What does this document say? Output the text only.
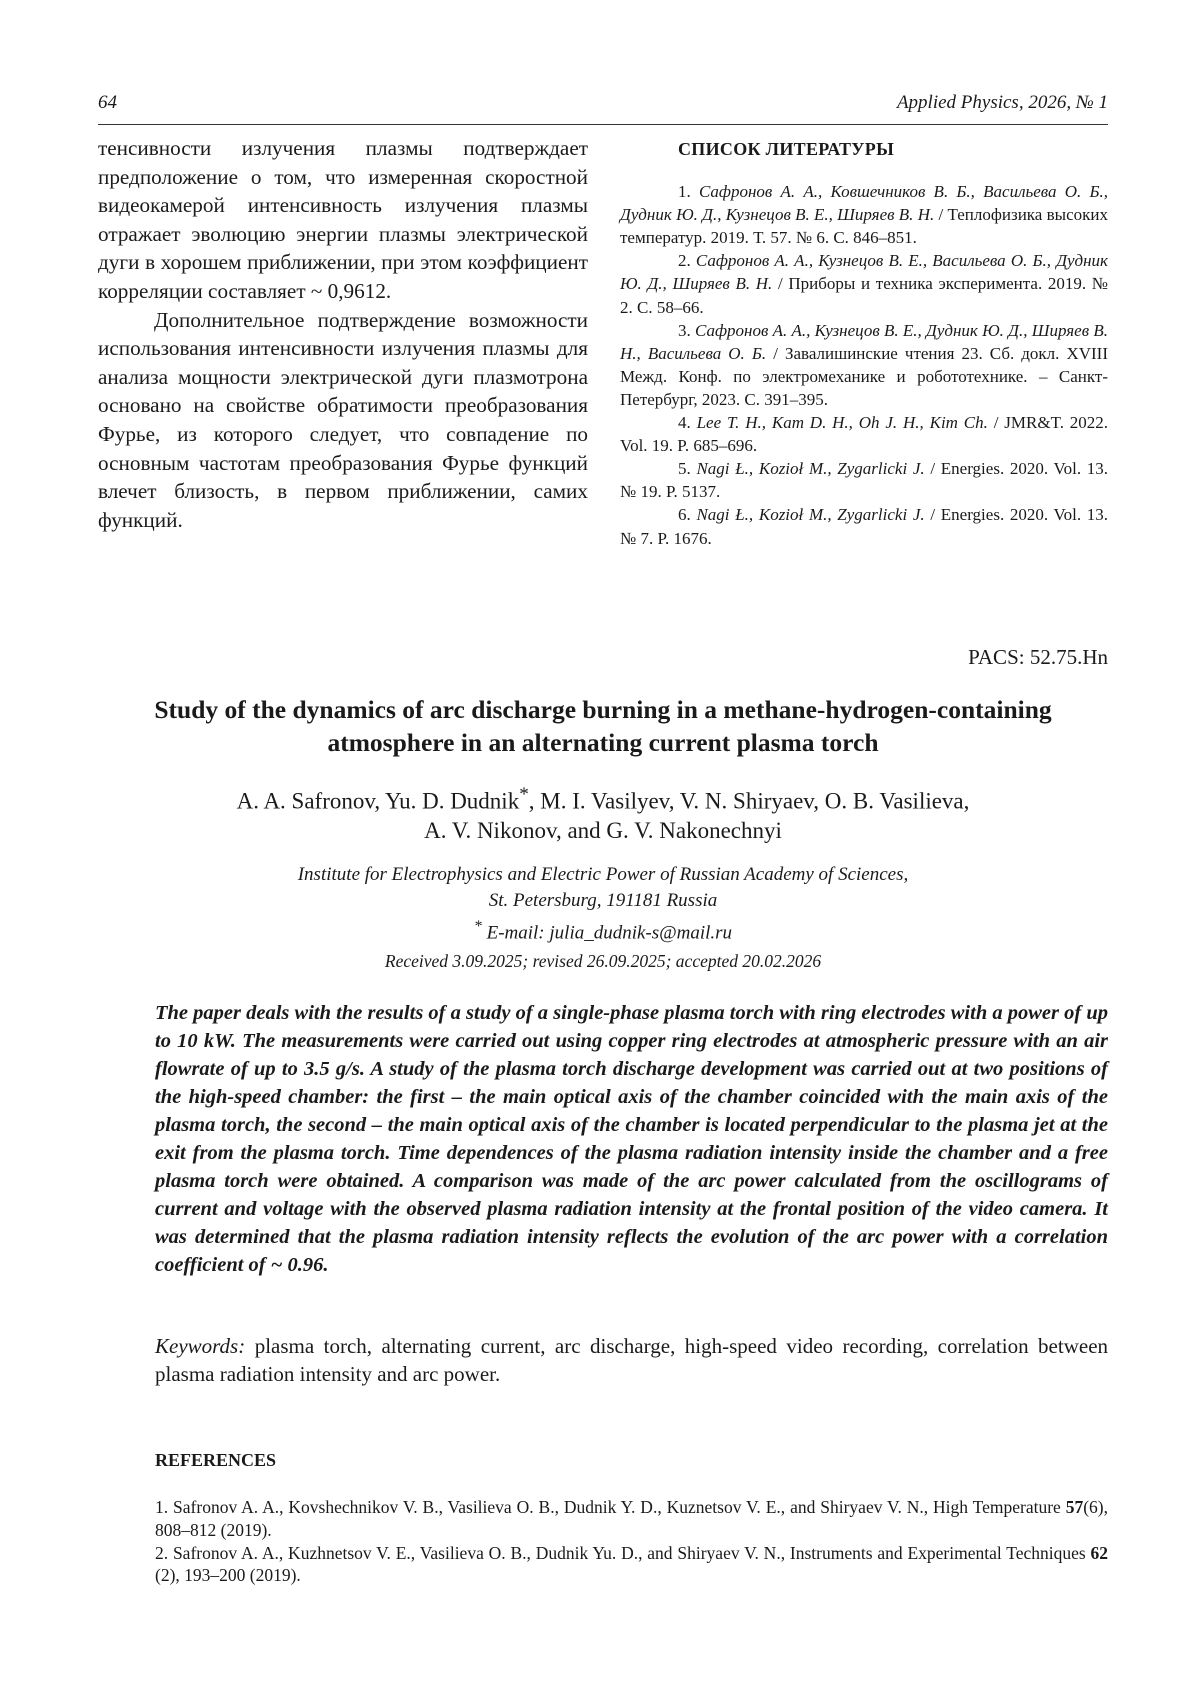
64	Applied Physics, 2026, № 1

тенсивности излучения плазмы подтверждает предположение о том, что измеренная скоростной видеокамерой интенсивность излучения плазмы отражает эволюцию энергии плазмы электрической дуги в хорошем приближении, при этом коэффициент корреляции составляет ~ 0,9612.

Дополнительное подтверждение возможности использования интенсивности излучения плазмы для анализа мощности электрической дуги плазмотрона основано на свойстве обратимости преобразования Фурье, из которого следует, что совпадение по основным частотам преобразования Фурье функций влечет близость, в первом приближении, самих функций.

СПИСОК ЛИТЕРАТУРЫ
1. Сафронов А. А., Ковшечников В. Б., Васильева О. Б., Дудник Ю. Д., Кузнецов В. Е., Ширяев В. Н. / Теплофизика высоких температур. 2019. Т. 57. № 6. С. 846–851.
2. Сафронов А. А., Кузнецов В. Е., Васильева О. Б., Дудник Ю. Д., Ширяев В. Н. / Приборы и техника эксперимента. 2019. № 2. С. 58–66.
3. Сафронов А. А., Кузнецов В. Е., Дудник Ю. Д., Ширяев В. Н., Васильева О. Б. / Завалишинские чтения 23. Сб. докл. XVIII Межд. Конф. по электромеханике и робототехнике. – Санкт-Петербург, 2023. С. 391–395.
4. Lee T. H., Kam D. H., Oh J. H., Kim Ch. / JMR&T. 2022. Vol. 19. P. 685–696.
5. Nagi Ł., Kozioł M., Zygarlicki J. / Energies. 2020. Vol. 13. № 19. P. 5137.
6. Nagi Ł., Kozioł M., Zygarlicki J. / Energies. 2020. Vol. 13. № 7. P. 1676.
PACS: 52.75.Hn
Study of the dynamics of arc discharge burning in a methane-hydrogen-containing
atmosphere in an alternating current plasma torch
A. A. Safronov, Yu. D. Dudnik*, M. I. Vasilyev, V. N. Shiryaev, O. B. Vasilieva,
A. V. Nikonov, and G. V. Nakonechnyi
Institute for Electrophysics and Electric Power of Russian Academy of Sciences,
St. Petersburg, 191181 Russia
* E-mail: julia_dudnik-s@mail.ru
Received 3.09.2025; revised 26.09.2025; accepted 20.02.2026

The paper deals with the results of a study of a single-phase plasma torch with ring electrodes with a power of up to 10 kW. The measurements were carried out using copper ring electrodes at atmospheric pressure with an air flowrate of up to 3.5 g/s. A study of the plasma torch discharge development was carried out at two positions of the high-speed chamber: the first – the main optical axis of the chamber coincided with the main axis of the plasma torch, the second – the main optical axis of the chamber is located perpendicular to the plasma jet at the exit from the plasma torch. Time dependences of the plasma radiation intensity inside the chamber and a free plasma torch were obtained. A comparison was made of the arc power calculated from the oscillograms of current and voltage with the observed plasma radiation intensity at the frontal position of the video camera. It was determined that the plasma radiation intensity reflects the evolution of the arc power with a correlation coefficient of ~ 0.96.

Keywords: plasma torch, alternating current, arc discharge, high-speed video recording, correlation between plasma radiation intensity and arc power.

REFERENCES

1. Safronov A. A., Kovshechnikov V. B., Vasilieva O. B., Dudnik Y. D., Kuznetsov V. E., and Shiryaev V. N., High Temperature 57(6), 808–812 (2019).

2. Safronov A. A., Kuzhnetsov V. E., Vasilieva O. B., Dudnik Yu. D., and Shiryaev V. N., Instruments and Experimental Techniques 62 (2), 193–200 (2019).
